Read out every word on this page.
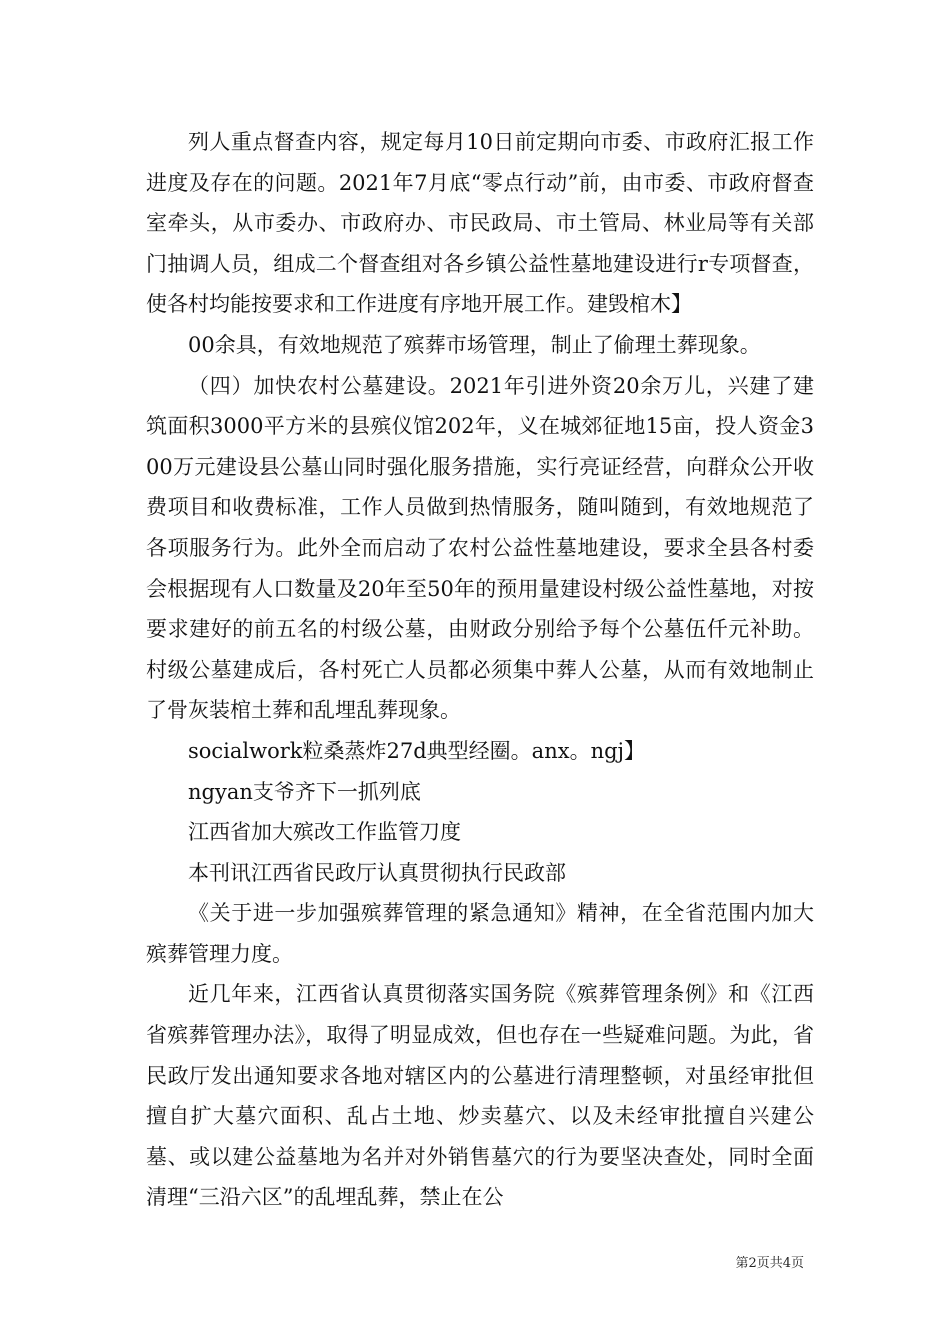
列人重点督查内容，规定每月10日前定期向市委、市政府汇报工作进度及存在的问题。2021年7月底“零点行动”前，由市委、市政府督查室牵头，从市委办、市政府办、市民政局、市土管局、林业局等有关部门抽调人员，组成二个督查组对各乡镇公益性墓地建设进行r专项督查，使各村均能按要求和工作进度有序地开展工作。建毁棺木】

00余具，有效地规范了殡葬市场管理，制止了偷理土葬现象。

（四）加快农村公墓建设。2021年引进外资20余万儿，兴建了建筑面积3000平方米的县殡仪馆202年，义在城郊征地15亩，投人资金300万元建设县公墓山同时强化服务措施，实行亮证经营，向群众公开收费项目和收费标准，工作人员做到热情服务，随叫随到，有效地规范了各项服务行为。此外全而启动了农村公益性墓地建设，要求全县各村委会根据现有人口数量及20年至50年的预用量建设村级公益性墓地，对按要求建好的前五名的村级公墓，由财政分别给予每个公墓伍仟元补助。村级公墓建成后，各村死亡人员都必须集中葬人公墓，从而有效地制止了骨灰装棺土葬和乱埋乱葬现象。

socialwork粒桑蒸炸27d典型经圈。anx。ngj】

ngyan支爷齐下一抓列底

江西省加大殡改工作监管刀度

本刊讯江西省民政厅认真贯彻执行民政部

《关于进一步加强殡葬管理的紧急通知》精神，在全省范围内加大殡葬管理力度。

近几年来，江西省认真贯彻落实国务院《殡葬管理条例》和《江西省殡葬管理办法》，取得了明显成效，但也存在一些疑难问题。为此，省民政厅发出通知要求各地对辖区内的公墓进行清理整顿，对虽经审批但擅自扩大墓穴面积、乱占土地、炒卖墓穴、以及未经审批擅自兴建公墓、或以建公益墓地为名并对外销售墓穴的行为要坚决查处，同时全面清理“三沿六区”的乱埋乱葬，禁止在公

第2页共4页
